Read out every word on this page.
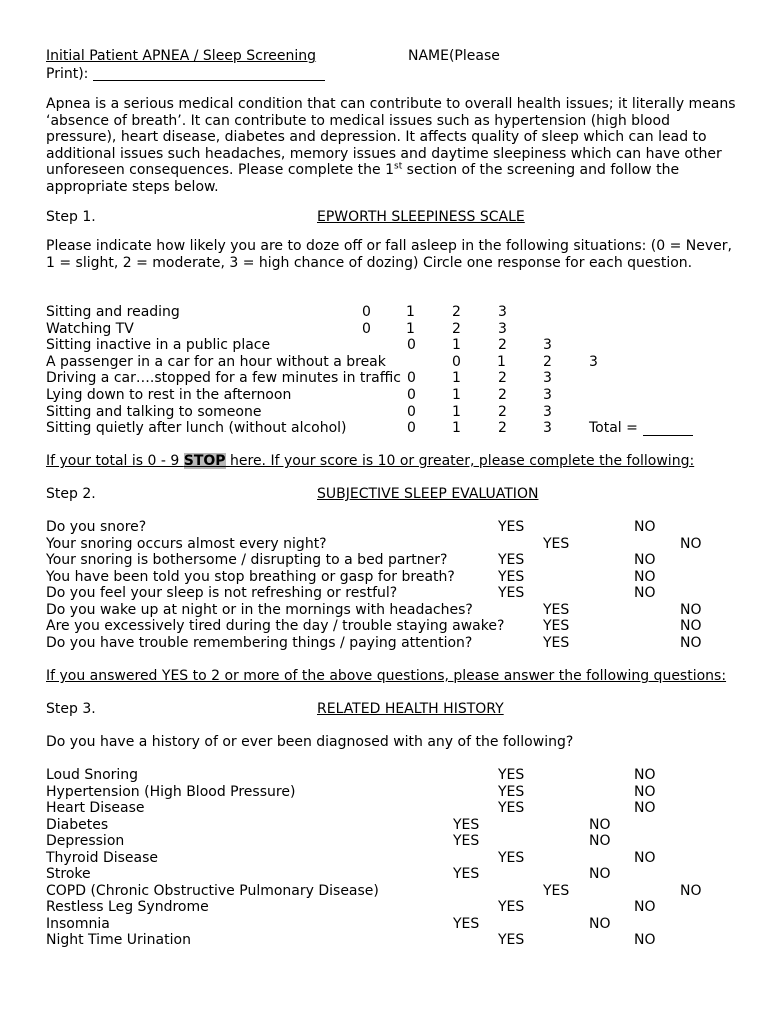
Initial Patient APNEA / Sleep Screening	NAME(Please
Print):
Apnea is a serious medical condition that can contribute to overall health issues; it literally means ‘absence of breath’. It can contribute to medical issues such as hypertension (high blood pressure), heart disease, diabetes and depression. It affects quality of sleep which can lead to additional issues such headaches, memory issues and daytime sleepiness which can have other unforeseen consequences. Please complete the 1st section of the screening and follow the appropriate steps below.
Step 1.	EPWORTH SLEEPINESS SCALE
Please indicate how likely you are to doze off or fall asleep in the following situations: (0 = Never, 1 = slight, 2 = moderate, 3 = high chance of dozing) Circle one response for each question.
Sitting and reading	0	1	2	3
Watching TV	0	1	2	3
Sitting inactive in a public place	0	1	2	3
A passenger in a car for an hour without a break	0	1	2	3
Driving a car….stopped for a few minutes in traffic 0	1	2	3
Lying down to rest in the afternoon	0	1	2	3
Sitting and talking to someone	0	1	2	3
Sitting quietly after lunch (without alcohol)	0	1	2	3	Total =
If your total is 0 - 9 STOP here. If your score is 10 or greater, please complete the following:
Step 2.	SUBJECTIVE SLEEP EVALUATION
Do you snore?	YES	NO
Your snoring occurs almost every night?	YES	NO
Your snoring is bothersome / disrupting to a bed partner?	YES	NO
You have been told you stop breathing or gasp for breath?	YES	NO
Do you feel your sleep is not refreshing or restful?	YES	NO
Do you wake up at night or in the mornings with headaches?	YES	NO
Are you excessively tired during the day / trouble staying awake?	YES	NO
Do you have trouble remembering things / paying attention?	YES	NO
If you answered YES to 2 or more of the above questions, please answer the following questions:
Step 3.	RELATED HEALTH HISTORY
Do you have a history of or ever been diagnosed with any of the following?
Loud Snoring	YES	NO
Hypertension (High Blood Pressure)	YES	NO
Heart Disease	YES	NO
Diabetes	YES	NO
Depression	YES	NO
Thyroid Disease	YES	NO
Stroke	YES	NO
COPD (Chronic Obstructive Pulmonary Disease)	YES	NO
Restless Leg Syndrome	YES	NO
Insomnia	YES	NO
Night Time Urination	YES	NO
